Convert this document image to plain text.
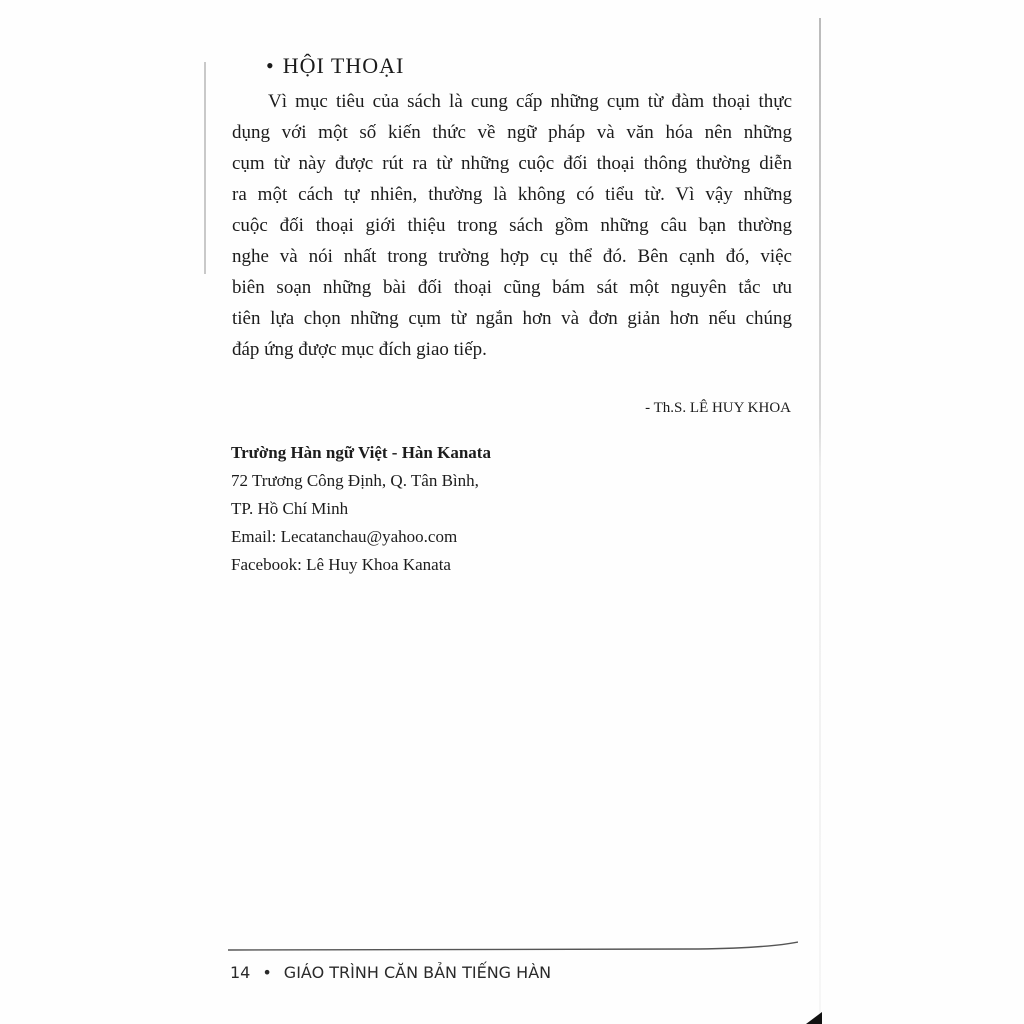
• HỘI THOẠI
Vì mục tiêu của sách là cung cấp những cụm từ đàm thoại thực
dụng với một số kiến thức về ngữ pháp và văn hóa nên những
cụm từ này được rút ra từ những cuộc đối thoại thông thường diễn
ra một cách tự nhiên, thường là không có tiểu từ. Vì vậy những
cuộc đối thoại giới thiệu trong sách gồm những câu bạn thường
nghe và nói nhất trong trường hợp cụ thể đó. Bên cạnh đó, việc
biên soạn những bài đối thoại cũng bám sát một nguyên tắc ưu
tiên lựa chọn những cụm từ ngắn hơn và đơn giản hơn nếu chúng
đáp ứng được mục đích giao tiếp.
- Th.S. LÊ HUY KHOA
Trường Hàn ngữ Việt - Hàn Kanata
72 Trương Công Định, Q. Tân Bình,
TP. Hồ Chí Minh
Email: Lecatanchau@yahoo.com
Facebook: Lê Huy Khoa Kanata
14 • GIÁO TRÌNH CĂN BẢN TIẾNG HÀN
